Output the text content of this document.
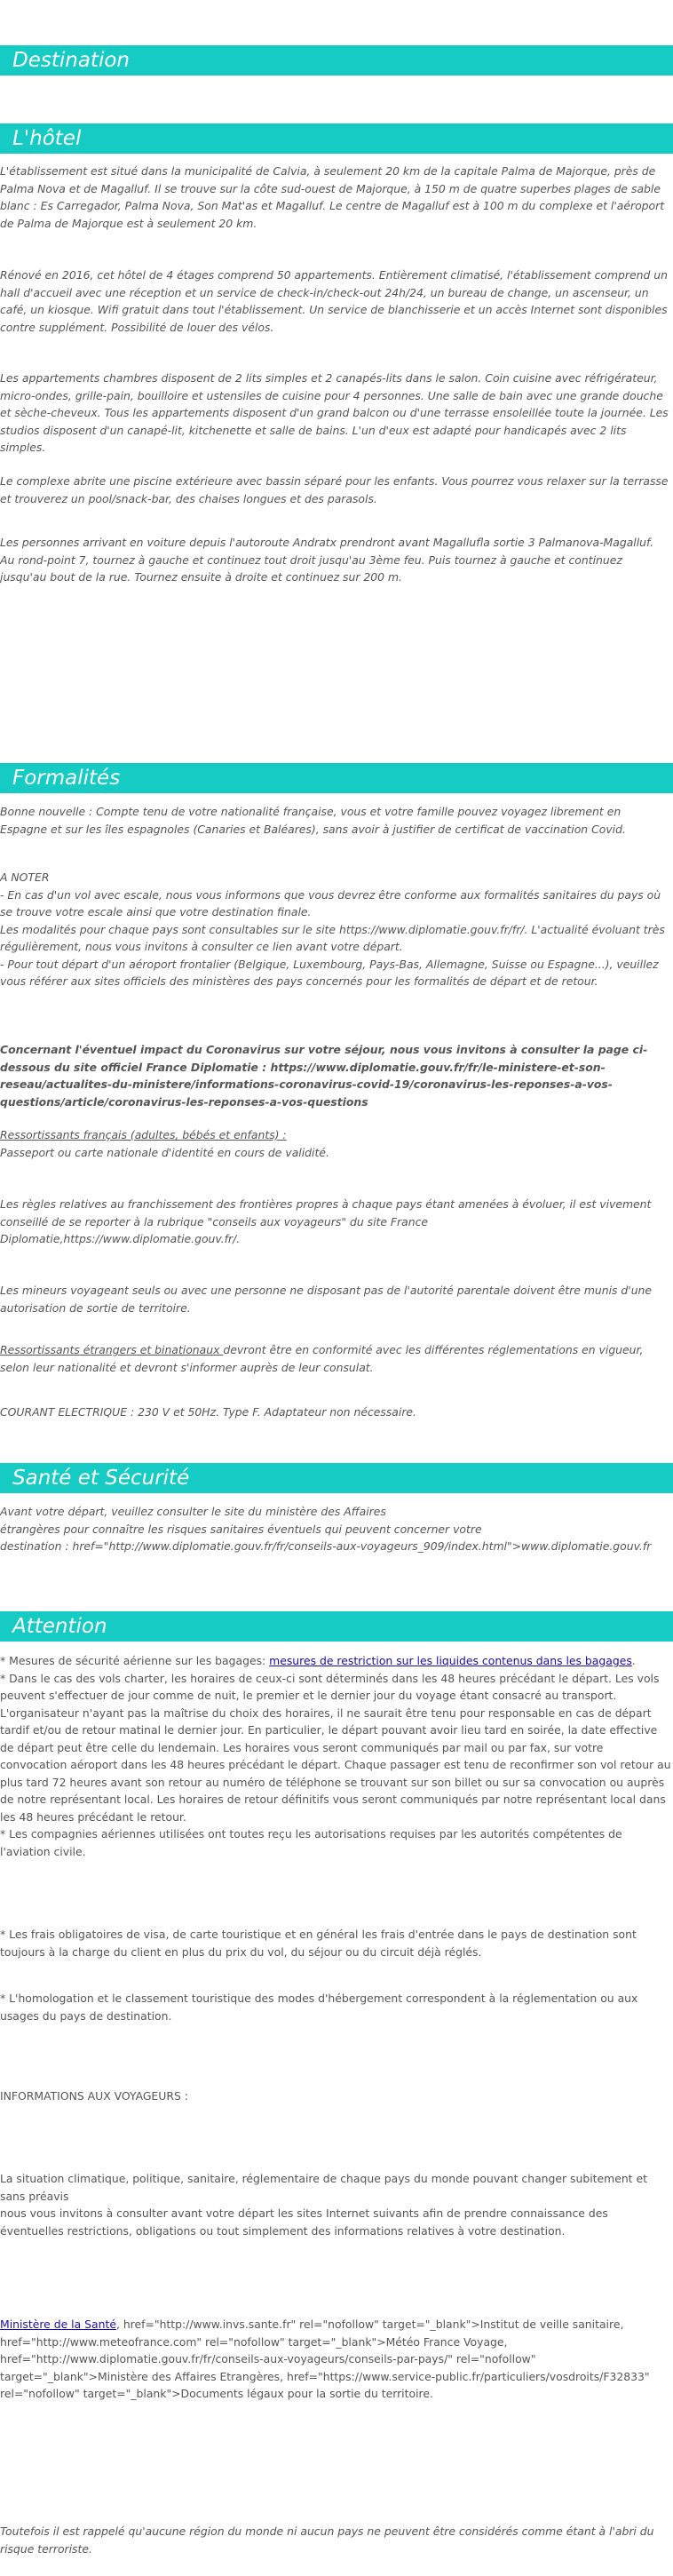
Destination
L'hôtel

L'établissement est situé dans la municipalité de Calvia, à seulement 20 km de la capitale Palma de Majorque, près de Palma Nova et de Magalluf. Il se trouve sur la côte sud-ouest de Majorque, à 150 m de quatre superbes plages de sable blanc : Es Carregador, Palma Nova, Son Mat'as et Magalluf. Le centre de Magalluf est à 100 m du complexe et l'aéroport de Palma de Majorque est à seulement 20 km.

Rénové en 2016, cet hôtel de 4 étages comprend 50 appartements. Entièrement climatisé, l'établissement comprend un hall d'accueil avec une réception et un service de check-in/check-out 24h/24, un bureau de change, un ascenseur, un café, un kiosque. Wifi gratuit dans tout l'établissement. Un service de blanchisserie et un accès Internet sont disponibles contre supplément. Possibilité de louer des vélos.

Les appartements chambres disposent de 2 lits simples et 2 canapés-lits dans le salon. Coin cuisine avec réfrigérateur, micro-ondes, grille-pain, bouilloire et ustensiles de cuisine pour 4 personnes. Une salle de bain avec une grande douche et sèche-cheveux. Tous les appartements disposent d'un grand balcon ou d'une terrasse ensoleillée toute la journée. Les studios disposent d'un canapé-lit, kitchenette et salle de bains. L'un d'eux est adapté pour handicapés avec 2 lits simples.

Le complexe abrite une piscine extérieure avec bassin séparé pour les enfants. Vous pourrez vous relaxer sur la terrasse et trouverez un pool/snack-bar, des chaises longues et des parasols.

Les personnes arrivant en voiture depuis l'autoroute Andratx prendront avant Magallufla sortie 3 Palmanova-Magalluf. Au rond-point 7, tournez à gauche et continuez tout droit jusqu'au 3ème feu. Puis tournez à gauche et continuez jusqu'au bout de la rue. Tournez ensuite à droite et continuez sur 200 m.

Formalités

Bonne nouvelle : Compte tenu de votre nationalité française, vous et votre famille pouvez voyagez librement en Espagne et sur les îles espagnoles (Canaries et Baléares), sans avoir à justifier de certificat de vaccination Covid.

A NOTER
- En cas d'un vol avec escale, nous vous informons que vous devrez être conforme aux formalités sanitaires du pays où se trouve votre escale ainsi que votre destination finale.
Les modalités pour chaque pays sont consultables sur le site https://www.diplomatie.gouv.fr/fr/. L'actualité évoluant très régulièrement, nous vous invitons à consulter ce lien avant votre départ.
- Pour tout départ d'un aéroport frontalier (Belgique, Luxembourg, Pays-Bas, Allemagne, Suisse ou Espagne...), veuillez vous référer aux sites officiels des ministères des pays concernés pour les formalités de départ et de retour.

Concernant l'éventuel impact du Coronavirus sur votre séjour, nous vous invitons à consulter la page ci-dessous du site officiel France Diplomatie : https://www.diplomatie.gouv.fr/fr/le-ministere-et-son-reseau/actualites-du-ministere/informations-coronavirus-covid-19/coronavirus-les-reponses-a-vos-questions/article/coronavirus-les-reponses-a-vos-questions

Ressortissants français (adultes, bébés et enfants) :
Passeport ou carte nationale d'identité en cours de validité.

Les règles relatives au franchissement des frontières propres à chaque pays étant amenées à évoluer, il est vivement conseillé de se reporter à la rubrique "conseils aux voyageurs" du site France Diplomatie,https://www.diplomatie.gouv.fr/.

Les mineurs voyageant seuls ou avec une personne ne disposant pas de l'autorité parentale doivent être munis d'une autorisation de sortie de territoire.

Ressortissants étrangers et binationaux devront être en conformité avec les différentes réglementations en vigueur, selon leur nationalité et devront s'informer auprès de leur consulat.

COURANT ELECTRIQUE : 230 V et 50Hz. Type F. Adaptateur non nécessaire.

Santé et Sécurité
Avant votre départ, veuillez consulter le site du ministère des Affaires
étrangères pour connaître les risques sanitaires éventuels qui peuvent concerner votre
destination : href="http://www.diplomatie.gouv.fr/fr/conseils-aux-voyageurs_909/index.html">www.diplomatie.gouv.fr
Attention
* Mesures de sécurité aérienne sur les bagages: mesures de restriction sur les liquides contenus dans les bagages.
* Dans le cas des vols charter, les horaires de ceux-ci sont déterminés dans les 48 heures précédant le départ. Les vols peuvent s'effectuer de jour comme de nuit, le premier et le dernier jour du voyage étant consacré au transport. L'organisateur n'ayant pas la maîtrise du choix des horaires, il ne saurait être tenu pour responsable en cas de départ tardif et/ou de retour matinal le dernier jour. En particulier, le départ pouvant avoir lieu tard en soirée, la date effective de départ peut être celle du lendemain. Les horaires vous seront communiqués par mail ou par fax, sur votre convocation aéroport dans les 48 heures précédant le départ. Chaque passager est tenu de reconfirmer son vol retour au plus tard 72 heures avant son retour au numéro de téléphone se trouvant sur son billet ou sur sa convocation ou auprès de notre représentant local. Les horaires de retour définitifs vous seront communiqués par notre représentant local dans les 48 heures précédant le retour.
* Les compagnies aériennes utilisées ont toutes reçu les autorisations requises par les autorités compétentes de l'aviation civile.

* Les frais obligatoires de visa, de carte touristique et en général les frais d'entrée dans le pays de destination sont toujours à la charge du client en plus du prix du vol, du séjour ou du circuit déjà réglés.

* L'homologation et le classement touristique des modes d'hébergement correspondent à la réglementation ou aux usages du pays de destination.

INFORMATIONS AUX VOYAGEURS :

La situation climatique, politique, sanitaire, réglementaire de chaque pays du monde pouvant changer subitement et sans préavis
nous vous invitons à consulter avant votre départ les sites Internet suivants afin de prendre connaissance des éventuelles restrictions, obligations ou tout simplement des informations relatives à votre destination.

Ministère de la Santé, href="http://www.invs.sante.fr" rel="nofollow" target="_blank">Institut de veille sanitaire, href="http://www.meteofrance.com" rel="nofollow" target="_blank">Météo France Voyage, href="http://www.diplomatie.gouv.fr/fr/conseils-aux-voyageurs/conseils-par-pays/" rel="nofollow" target="_blank">Ministère des Affaires Etrangères, href="https://www.service-public.fr/particuliers/vosdroits/F32833" rel="nofollow" target="_blank">Documents légaux pour la sortie du territoire.

Toutefois il est rappelé qu'aucune région du monde ni aucun pays ne peuvent être considérés comme étant à l'abri du risque terroriste.
